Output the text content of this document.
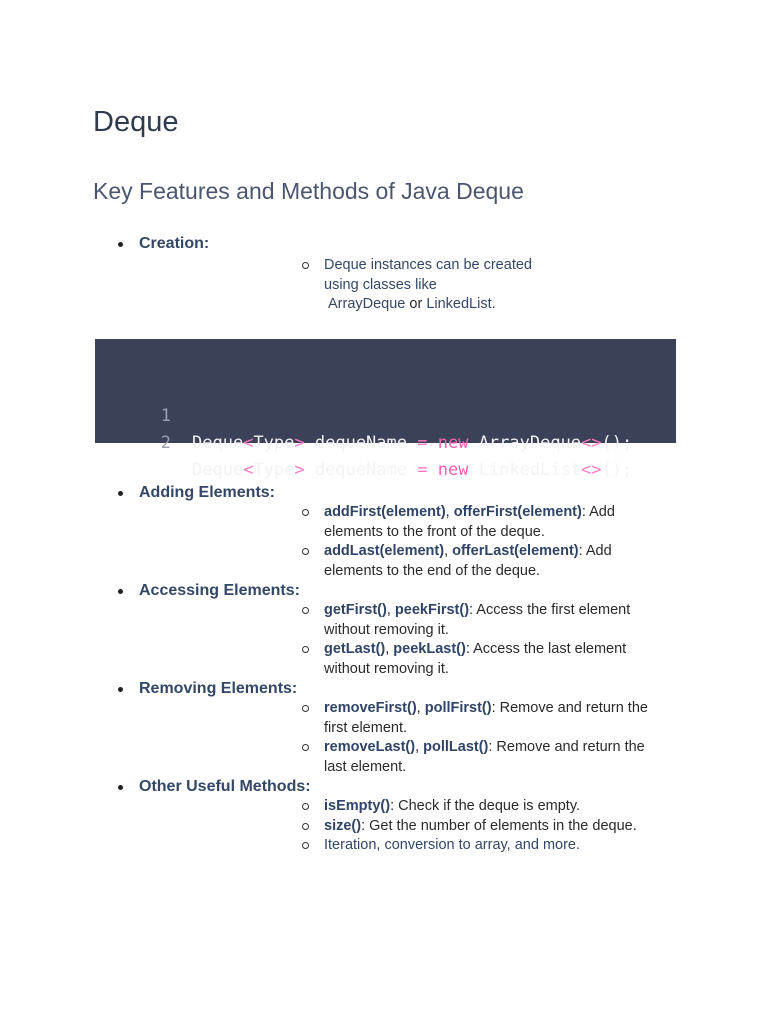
Deque
Key Features and Methods of Java Deque
Creation:
Deque instances can be created using classes like
ArrayDeque or LinkedList.

1

Deque<Type> dequeName = new ArrayDeque<>();

2

Deque<Type> dequeName = new LinkedList<>();

Adding Elements:
addFirst(element), offerFirst(element): Add elements to the front of the deque.
addLast(element), offerLast(element): Add elements to the end of the deque.
Accessing Elements:
getFirst(), peekFirst(): Access the first element without removing it.
getLast(), peekLast(): Access the last element without removing it.
Removing Elements:
removeFirst(), pollFirst(): Remove and return the first element.
removeLast(), pollLast(): Remove and return the last element.
Other Useful Methods:
isEmpty(): Check if the deque is empty.
size(): Get the number of elements in the deque.
Iteration, conversion to array, and more.
